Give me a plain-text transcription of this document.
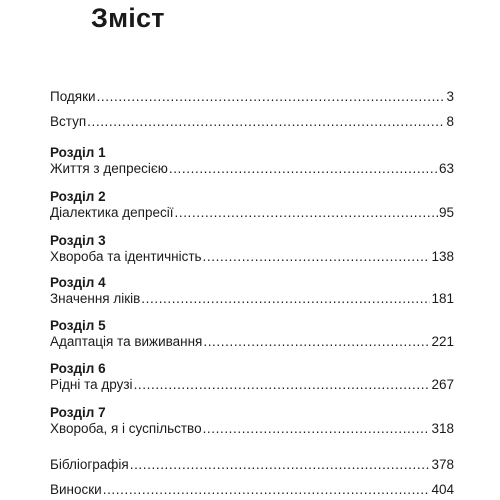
Зміст
Подяки .....	3
Вступ .....	8
Розділ 1
Життя з депресією .....	63
Розділ 2
Діалектика депресії .....	95
Розділ 3
Хвороба та ідентичність .....	138
Розділ 4
Значення ліків .....	181
Розділ 5
Адаптація та виживання .....	221
Розділ 6
Рідні та друзі .....	267
Розділ 7
Хвороба, я і суспільство .....	318
Бібліографія .....	378
Виноски .....	404
